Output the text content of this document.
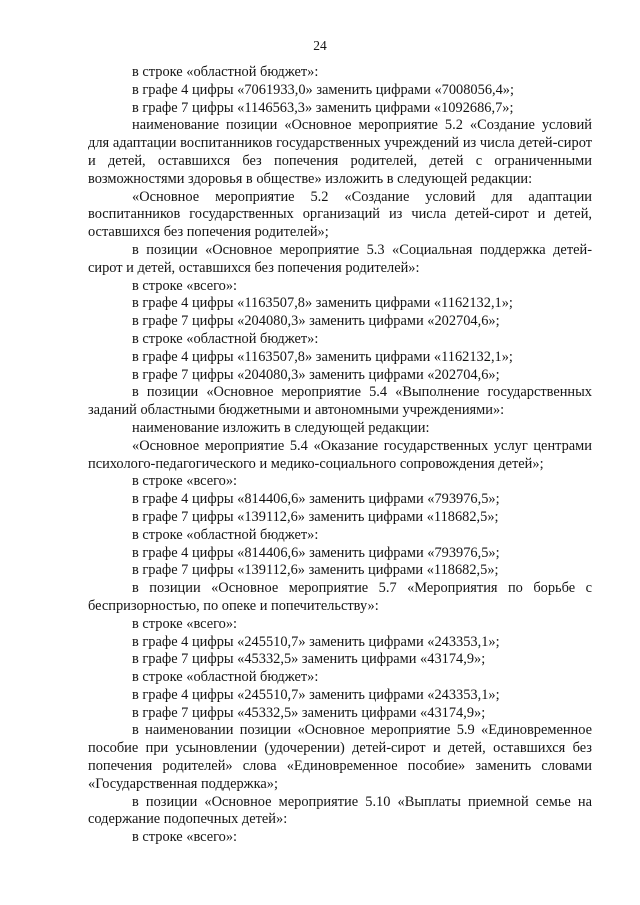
24

в строке «областной бюджет»:

в графе 4 цифры «7061933,0» заменить цифрами «7008056,4»;

в графе 7 цифры «1146563,3» заменить цифрами «1092686,7»;

наименование позиции «Основное мероприятие 5.2 «Создание условий для адаптации воспитанников государственных учреждений из числа детей-сирот и детей, оставшихся без попечения родителей, детей с ограниченными возможностями здоровья в обществе» изложить в следующей редакции:

«Основное мероприятие 5.2 «Создание условий для адаптации воспитанников государственных организаций из числа детей-сирот и детей, оставшихся без попечения родителей»;

в позиции «Основное мероприятие 5.3 «Социальная поддержка детей-сирот и детей, оставшихся без попечения родителей»:

в строке «всего»:

в графе 4 цифры «1163507,8» заменить цифрами «1162132,1»;

в графе 7 цифры «204080,3» заменить цифрами «202704,6»;

в строке «областной бюджет»:

в графе 4 цифры «1163507,8» заменить цифрами «1162132,1»;

в графе 7 цифры «204080,3» заменить цифрами «202704,6»;

в позиции «Основное мероприятие 5.4 «Выполнение государственных заданий областными бюджетными и автономными учреждениями»:

наименование изложить в следующей редакции:

«Основное мероприятие 5.4 «Оказание государственных услуг центрами психолого-педагогического и медико-социального сопровождения детей»;

в строке «всего»:

в графе 4 цифры «814406,6» заменить цифрами «793976,5»;

в графе 7 цифры «139112,6» заменить цифрами «118682,5»;

в строке «областной бюджет»:

в графе 4 цифры «814406,6» заменить цифрами «793976,5»;

в графе 7 цифры «139112,6» заменить цифрами «118682,5»;

в позиции «Основное мероприятие 5.7 «Мероприятия по борьбе с беспризорностью, по опеке и попечительству»:

в строке «всего»:

в графе 4 цифры «245510,7» заменить цифрами «243353,1»;

в графе 7 цифры «45332,5» заменить цифрами «43174,9»;

в строке «областной бюджет»:

в графе 4 цифры «245510,7» заменить цифрами «243353,1»;

в графе 7 цифры «45332,5» заменить цифрами «43174,9»;

в наименовании позиции «Основное мероприятие 5.9 «Единовременное пособие при усыновлении (удочерении) детей-сирот и детей, оставшихся без попечения родителей» слова «Единовременное пособие» заменить словами «Государственная поддержка»;

в позиции «Основное мероприятие 5.10 «Выплаты приемной семье на содержание подопечных детей»:

в строке «всего»:
